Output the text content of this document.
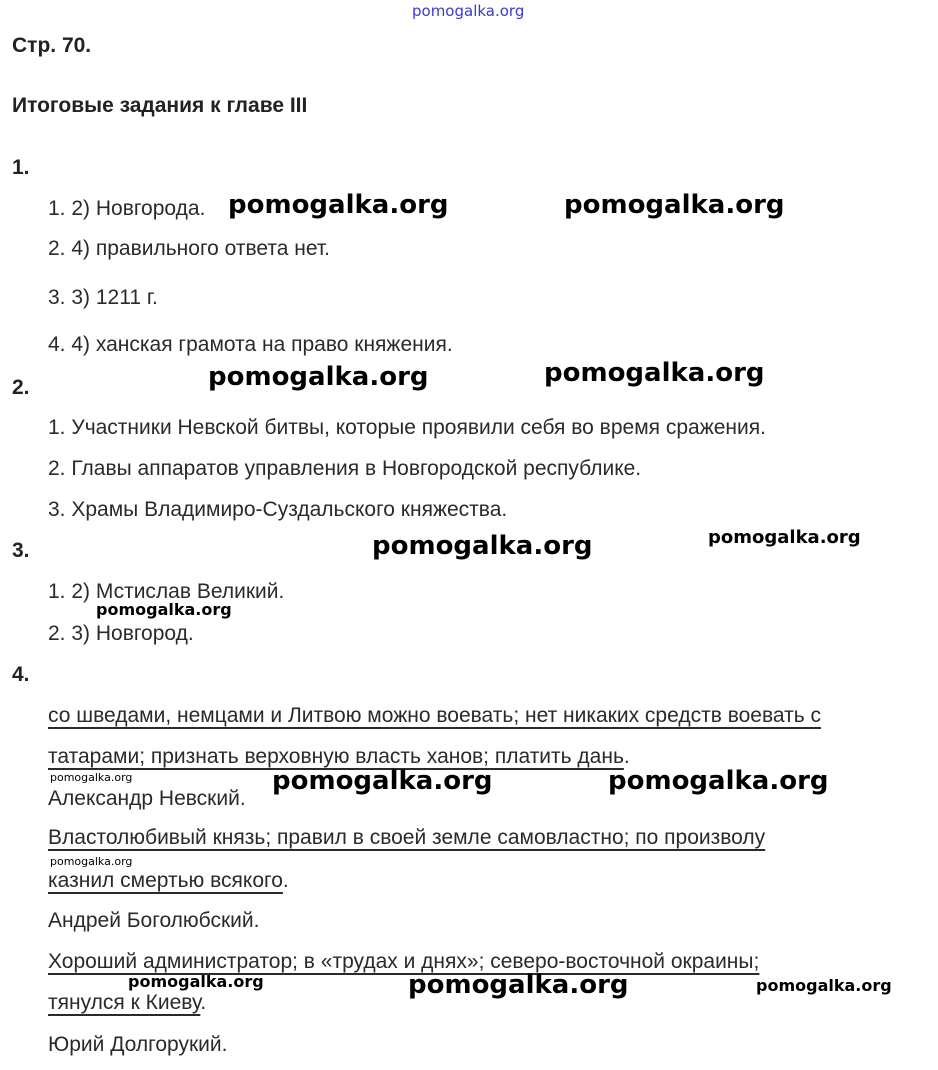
pomogalka.org
Стр. 70.
Итоговые задания к главе III
1.
1. 2) Новгорода.
2. 4) правильного ответа нет.
3. 3) 1211 г.
4. 4) ханская грамота на право княжения.
2.
1. Участники Невской битвы, которые проявили себя во время сражения.
2. Главы аппаратов управления в Новгородской республике.
3. Храмы Владимиро-Суздальского княжества.
3.
1. 2) Мстислав Великий.
2. 3) Новгород.
4.
со шведами, немцами и Литвою можно воевать; нет никаких средств воевать с
татарами; признать верховную власть ханов; платить дань.
Александр Невский.
Властолюбивый князь; правил в своей земле самовластно; по произволу
казнил смертью всякого.
Андрей Боголюбский.
Хороший администратор; в «трудах и днях»; северо-восточной окраины;
тянулся к Киеву.
Юрий Долгорукий.
pomogalka.org	pomogalka.org
pomogalka.org	pomogalka.org
pomogalka.org	pomogalka.org
pomogalka.org
pomogalka.org	pomogalka.org	pomogalka.org
pomogalka.org
pomogalka.org	pomogalka.org	pomogalka.org
